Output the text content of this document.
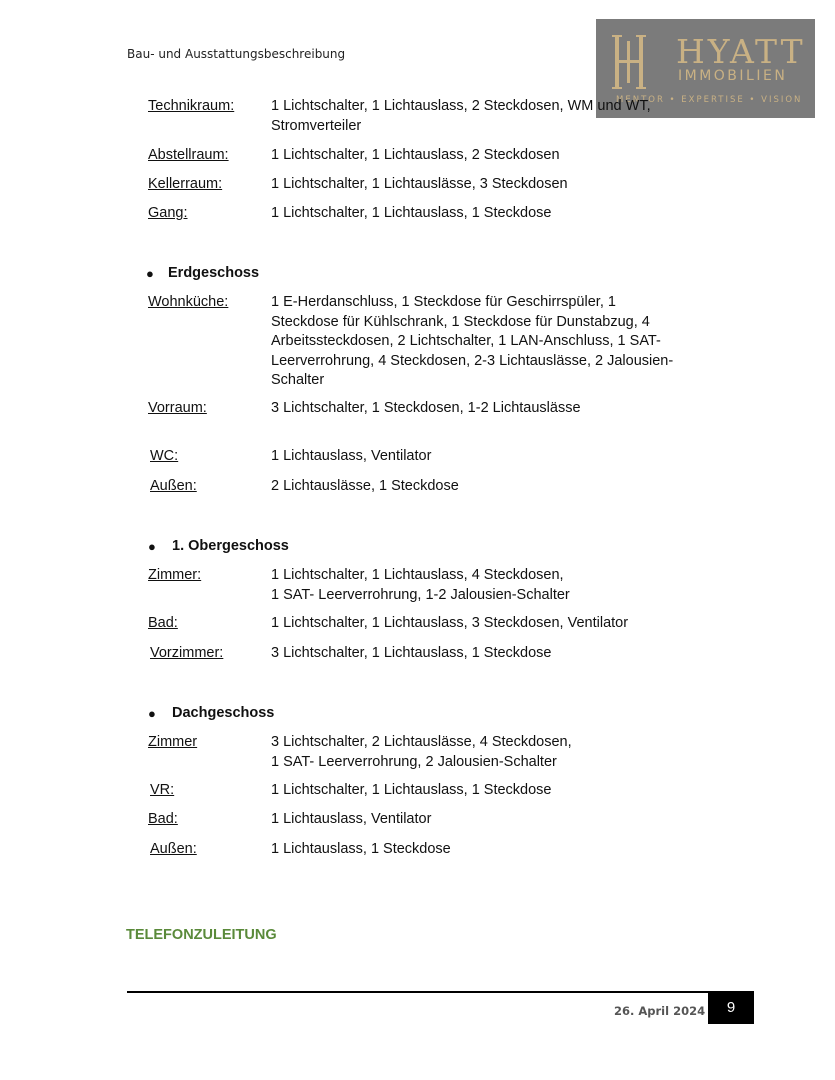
Bau- und Ausstattungsbeschreibung	HYATT
IMMOBILIEN
MENTOR • EXPERTISE • VISION
Technikraum:	1 Lichtschalter, 1 Lichtauslass, 2 Steckdosen, WM und WT,
Stromverteiler
Abstellraum:	1 Lichtschalter, 1 Lichtauslass, 2 Steckdosen
Kellerraum:	1 Lichtschalter, 1 Lichtauslässe, 3 Steckdosen
Gang:	1 Lichtschalter, 1 Lichtauslass, 1 Steckdose
● Erdgeschoss
Wohnküche:	1 E-Herdanschluss, 1 Steckdose für Geschirrspüler, 1
Steckdose für Kühlschrank, 1 Steckdose für Dunstabzug, 4
Arbeitssteckdosen, 2 Lichtschalter, 1 LAN-Anschluss, 1 SAT-
Leerverrohrung, 4 Steckdosen, 2-3 Lichtauslässe, 2 Jalousien-
Schalter
Vorraum:	3 Lichtschalter, 1 Steckdosen, 1-2 Lichtauslässe
WC:	1 Lichtauslass, Ventilator
Außen:	2 Lichtauslässe, 1 Steckdose
● 1. Obergeschoss
Zimmer:	1 Lichtschalter, 1 Lichtauslass, 4 Steckdosen,
1 SAT- Leerverrohrung, 1-2 Jalousien-Schalter
Bad:	1 Lichtschalter, 1 Lichtauslass, 3 Steckdosen, Ventilator
Vorzimmer:	3 Lichtschalter, 1 Lichtauslass, 1 Steckdose
● Dachgeschoss
Zimmer	3 Lichtschalter, 2 Lichtauslässe, 4 Steckdosen,
1 SAT- Leerverrohrung, 2 Jalousien-Schalter
VR:	1 Lichtschalter, 1 Lichtauslass, 1 Steckdose
Bad:	1 Lichtauslass, Ventilator
Außen:	1 Lichtauslass, 1 Steckdose
TELEFONZULEITUNG
26. April 2024	9
